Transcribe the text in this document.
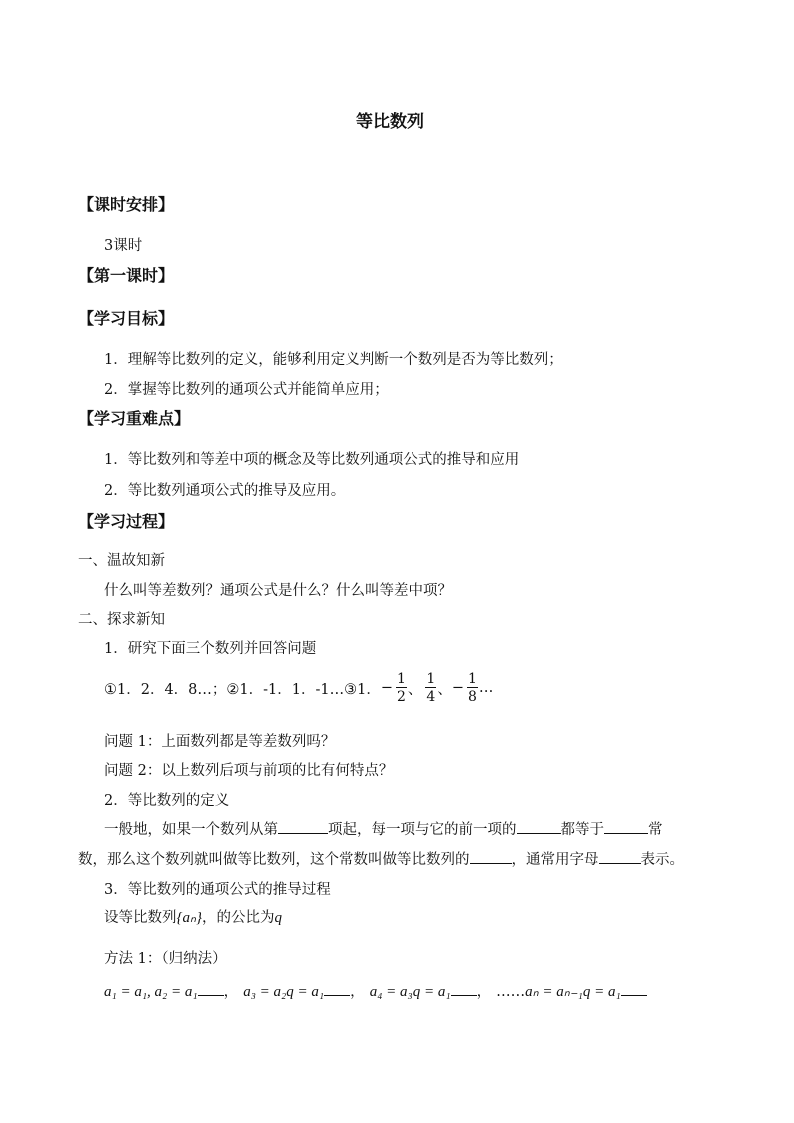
等比数列
【课时安排】
3课时
【第一课时】
【学习目标】
1．理解等比数列的定义，能够利用定义判断一个数列是否为等比数列；
2．掌握等比数列的通项公式并能简单应用；
【学习重难点】
1．等比数列和等差中项的概念及等比数列通项公式的推导和应用
2．等比数列通项公式的推导及应用。
【学习过程】
一、温故知新
什么叫等差数列？通项公式是什么？什么叫等差中项？
二、探求新知
1．研究下面三个数列并回答问题
①1．2．4．8…；②1．-1．1．-1…③1． − $\frac{1}{2}$ 、 $\frac{1}{4}$ 、 − $\frac{1}{8}$ …
问题 1：上面数列都是等差数列吗？
问题 2：以上数列后项与前项的比有何特点？
2．等比数列的定义
一般地，如果一个数列从第	项起，每一项与它的前一项的	都等于	常
数，那么这个数列就叫做等比数列，这个常数叫做等比数列的	，通常用字母	表示。
3．等比数列的通项公式的推导过程
设等比数列{aₙ}，的公比为q
方法 1：（归纳法）
a₁ = a₁, a₂ = a₁ ， a₃ = a₂q = a₁ ， a₄ = a₃q = a₁ ， ……aₙ = aₙ₋₁q = a₁
